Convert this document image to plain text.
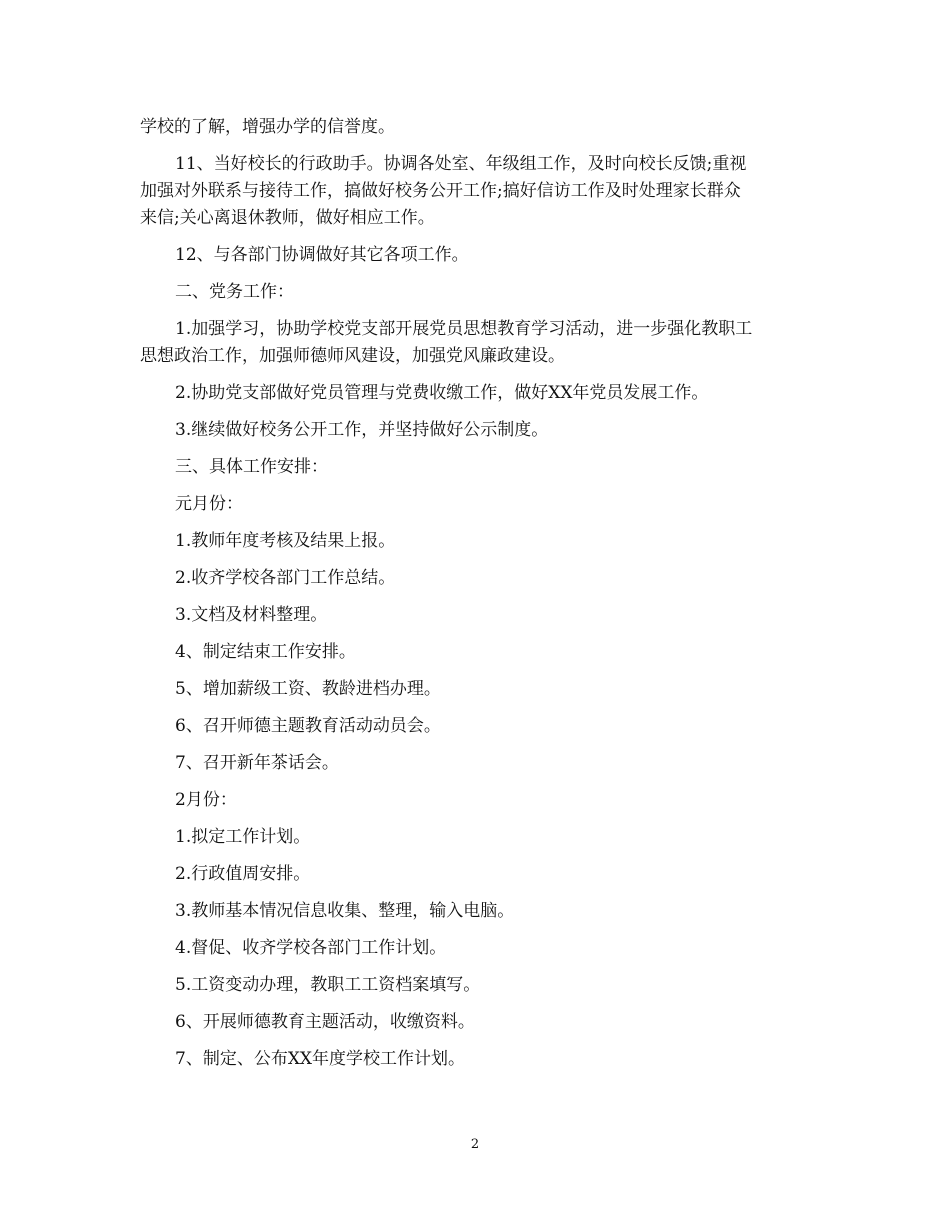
学校的了解，增强办学的信誉度。
11、当好校长的行政助手。协调各处室、年级组工作，及时向校长反馈;重视
加强对外联系与接待工作，搞做好校务公开工作;搞好信访工作及时处理家长群众
来信;关心离退休教师，做好相应工作。
12、与各部门协调做好其它各项工作。
二、党务工作：
1.加强学习，协助学校党支部开展党员思想教育学习活动，进一步强化教职工
思想政治工作，加强师德师风建设，加强党风廉政建设。
2.协助党支部做好党员管理与党费收缴工作，做好XX年党员发展工作。
3.继续做好校务公开工作，并坚持做好公示制度。
三、具体工作安排：
元月份：
1.教师年度考核及结果上报。
2.收齐学校各部门工作总结。
3.文档及材料整理。
4、制定结束工作安排。
5、增加薪级工资、教龄进档办理。
6、召开师德主题教育活动动员会。
7、召开新年茶话会。
2月份：
1.拟定工作计划。
2.行政值周安排。
3.教师基本情况信息收集、整理，输入电脑。
4.督促、收齐学校各部门工作计划。
5.工资变动办理，教职工工资档案填写。
6、开展师德教育主题活动，收缴资料。
7、制定、公布XX年度学校工作计划。
2
